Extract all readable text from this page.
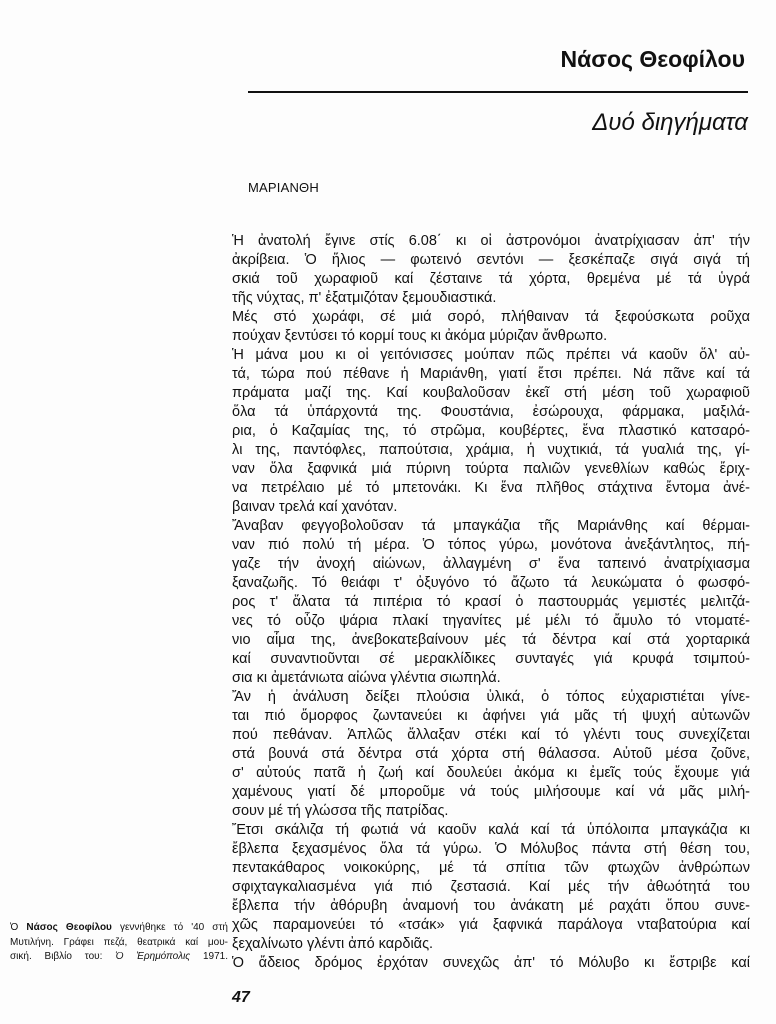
Νάσος Θεοφίλου
Δυό διηγήματα
ΜΑΡΙΑΝΘΗ
Ἡ ἀνατολή ἔγινε στίς 6.08΄ κι οἱ ἀστρονόμοι ἀνατρίχιασαν ἀπ' τήν
ἀκρίβεια. Ὁ ἥλιος — φωτεινό σεντόνι — ξεσκέπαζε σιγά σιγά τή
σκιά τοῦ χωραφιοῦ καί ζέσταινε τά χόρτα, θρεμένα μέ τά ὑγρά
τῆς νύχτας, π' ἐξατμιζόταν ξεμουδιαστικά.
Μές στό χωράφι, σέ μιά σορό, πλήθαιναν τά ξεφούσκωτα ροῦχα
πούχαν ξεντύσει τό κορμί τους κι ἀκόμα μύριζαν ἄνθρωπο.
Ἡ μάνα μου κι οἱ γειτόνισσες μούπαν πῶς πρέπει νά καοῦν ὅλ' αὐ-
τά, τώρα πού πέθανε ἡ Μαριάνθη, γιατί ἔτσι πρέπει. Νά πᾶνε καί τά
πράματα μαζί της. Καί κουβαλοῦσαν ἐκεῖ στή μέση τοῦ χωραφιοῦ
ὅλα τά ὑπάρχοντά της. Φουστάνια, ἐσώρουχα, φάρμακα, μαξιλά-
ρια, ὁ Καζαμίας της, τό στρῶμα, κουβέρτες, ἕνα πλαστικό κατσαρό-
λι της, παντόφλες, παπούτσια, χράμια, ἡ νυχτικιά, τά γυαλιά της, γί-
ναν ὅλα ξαφνικά μιά πύρινη τούρτα παλιῶν γενεθλίων καθώς ἔριχ-
να πετρέλαιο μέ τό μπετονάκι. Κι ἕνα πλῆθος στάχτινα ἔντομα ἀνέ-
βαιναν τρελά καί χανόταν.
Ἄναβαν φεγγοβολοῦσαν τά μπαγκάζια τῆς Μαριάνθης καί θέρμαι-
ναν πιό πολύ τή μέρα. Ὁ τόπος γύρω, μονότονα ἀνεξάντλητος, πή-
γαζε τήν ἀνοχή αἰώνων, ἀλλαγμένη σ' ἕνα ταπεινό ἀνατρίχιασμα
ξαναζωῆς. Τό θειάφι τ' ὀξυγόνο τό ἄζωτο τά λευκώματα ὁ φωσφό-
ρος τ' ἅλατα τά πιπέρια τό κρασί ὁ παστουρμάς γεμιστές μελιτζά-
νες τό οὖζο ψάρια πλακί τηγανίτες μέ μέλι τό ἄμυλο τό ντοματέ-
νιο αἷμα της, ἀνεβοκατεβαίνουν μές τά δέντρα καί στά χορταρικά
καί συναντιοῦνται σέ μερακλίδικες συνταγές γιά κρυφά τσιμπού-
σια κι ἀμετάνιωτα αἰώνα γλέντια σιωπηλά.
Ἄν ἡ ἀνάλυση δείξει πλούσια ὑλικά, ὁ τόπος εὐχαριστιέται γίνε-
ται πιό ὄμορφος ζωντανεύει κι ἀφήνει γιά μᾶς τή ψυχή αὐτωνῶν
πού πεθάναν. Ἁπλῶς ἄλλαξαν στέκι καί τό γλέντι τους συνεχίζεται
στά βουνά στά δέντρα στά χόρτα στή θάλασσα. Αὐτοῦ μέσα ζοῦνε,
σ' αὐτούς πατᾶ ἡ ζωή καί δουλεύει ἀκόμα κι ἐμεῖς τούς ἔχουμε γιά
χαμένους γιατί δέ μποροῦμε νά τούς μιλήσουμε καί νά μᾶς μιλή-
σουν μέ τή γλώσσα τῆς πατρίδας.
Ἔτσι σκάλιζα τή φωτιά νά καοῦν καλά καί τά ὑπόλοιπα μπαγκάζια κι
ἔβλεπα ξεχασμένος ὅλα τά γύρω. Ὁ Μόλυβος πάντα στή θέση του,
πεντακάθαρος νοικοκύρης, μέ τά σπίτια τῶν φτωχῶν ἀνθρώπων
σφιχταγκαλιασμένα γιά πιό ζεστασιά. Καί μές τήν ἀθωότητά του
ἔβλεπα τήν ἀθόρυβη ἀναμονή του ἀνάκατη μέ ραχάτι ὅπου συνε-
χῶς παραμονεύει τό «τσάκ» γιά ξαφνικά παράλογα νταβατούρια καί
ξεχαλίνωτο γλέντι ἀπό καρδιᾶς.
Ὁ ἄδειος δρόμος ἐρχόταν συνεχῶς ἀπ' τό Μόλυβο κι ἔστριβε καί
Ὁ Νάσος Θεοφίλου γεννήθηκε τό '40 στή
Μυτιλήνη. Γράφει πεζά, θεατρικά καί μου-
σική. Βιβλίο του: Ὁ Ἐρημόπολις 1971.
47
